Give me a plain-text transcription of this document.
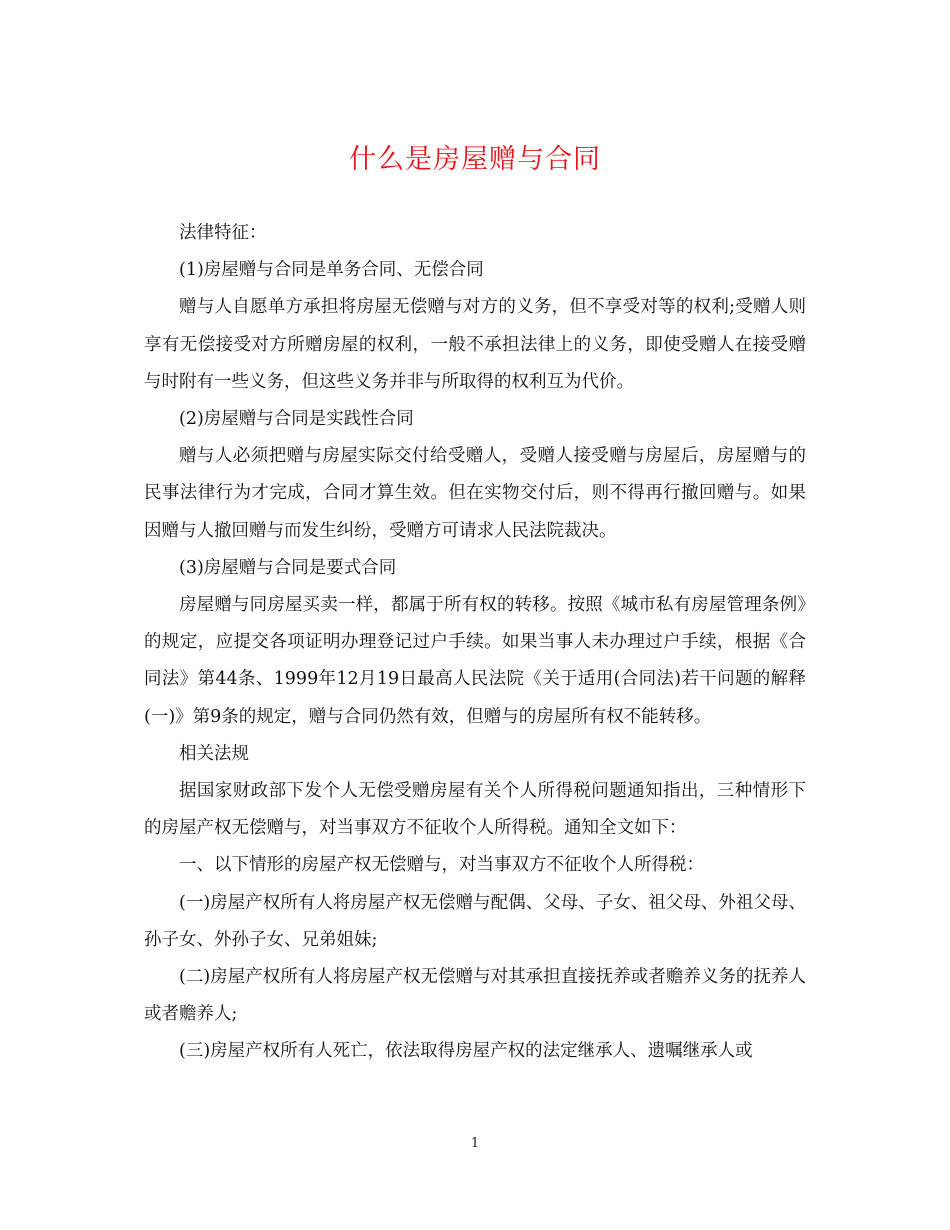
什么是房屋赠与合同

法律特征：

(1)房屋赠与合同是单务合同、无偿合同

赠与人自愿单方承担将房屋无偿赠与对方的义务，但不享受对等的权利;受赠人则享有无偿接受对方所赠房屋的权利，一般不承担法律上的义务，即使受赠人在接受赠与时附有一些义务，但这些义务并非与所取得的权利互为代价。

(2)房屋赠与合同是实践性合同

赠与人必须把赠与房屋实际交付给受赠人，受赠人接受赠与房屋后，房屋赠与的民事法律行为才完成，合同才算生效。但在实物交付后，则不得再行撤回赠与。如果因赠与人撤回赠与而发生纠纷，受赠方可请求人民法院裁决。

(3)房屋赠与合同是要式合同

房屋赠与同房屋买卖一样，都属于所有权的转移。按照《城市私有房屋管理条例》的规定，应提交各项证明办理登记过户手续。如果当事人未办理过户手续，根据《合同法》第44条、1999年12月19日最高人民法院《关于适用(合同法)若干问题的解释(一)》第9条的规定，赠与合同仍然有效，但赠与的房屋所有权不能转移。

相关法规

据国家财政部下发个人无偿受赠房屋有关个人所得税问题通知指出，三种情形下的房屋产权无偿赠与，对当事双方不征收个人所得税。通知全文如下：

一、以下情形的房屋产权无偿赠与，对当事双方不征收个人所得税：

(一)房屋产权所有人将房屋产权无偿赠与配偶、父母、子女、祖父母、外祖父母、孙子女、外孙子女、兄弟姐妹;

(二)房屋产权所有人将房屋产权无偿赠与对其承担直接抚养或者赡养义务的抚养人或者赡养人;

(三)房屋产权所有人死亡，依法取得房屋产权的法定继承人、遗嘱继承人或

1
